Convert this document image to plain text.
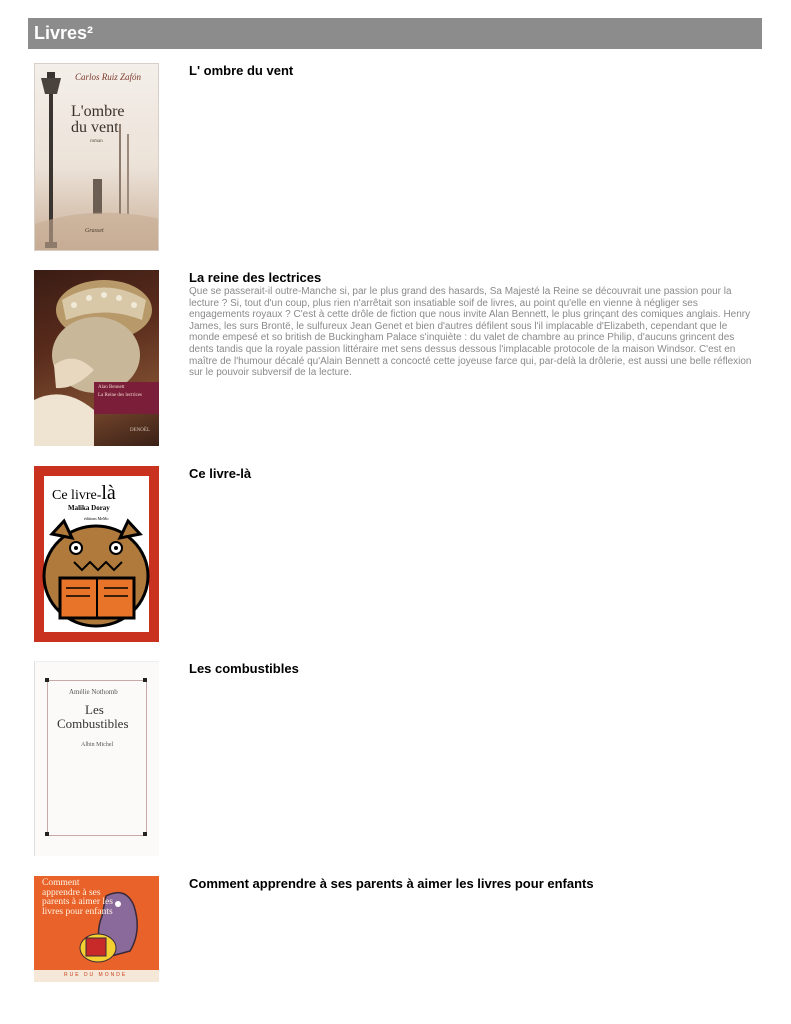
Livres²
Carlos Ruiz Zafón
L'ombre du vent
roman
Grasset
L' ombre du vent

Alan Bennett
La Reine des lectrices
DENOËL
La reine des lectrices

Que se passerait-il outre-Manche si, par le plus grand des hasards, Sa Majesté la Reine se découvrait une passion pour la lecture ? Si, tout d'un coup, plus rien n'arrêtait son insatiable soif de livres, au point qu'elle en vienne à négliger ses engagements royaux ? C'est à cette drôle de fiction que nous invite Alan Bennett, le plus grinçant des comiques anglais. Henry James, les surs Brontë, le sulfureux Jean Genet et bien d'autres défilent sous l'il implacable d'Elizabeth, cependant que le monde empesé et so british de Buckingham Palace s'inquiète : du valet de chambre au prince Philip, d'aucuns grincent des dents tandis que la royale passion littéraire met sens dessus dessous l'implacable protocole de la maison Windsor. C'est en maître de l'humour décalé qu'Alain Bennett a concocté cette joyeuse farce qui, par-delà la drôlerie, est aussi une belle réflexion sur le pouvoir subversif de la lecture.

Ce livre-là
Malika Doray
éditions MeMo
Ce livre-là

Amélie Nothomb
Les
Combustibles
Albin Michel
Les combustibles

Comment apprendre à ses parents à aimer les livres pour enfants
RUE DU MONDE
Comment apprendre à ses parents à aimer les livres pour enfants
